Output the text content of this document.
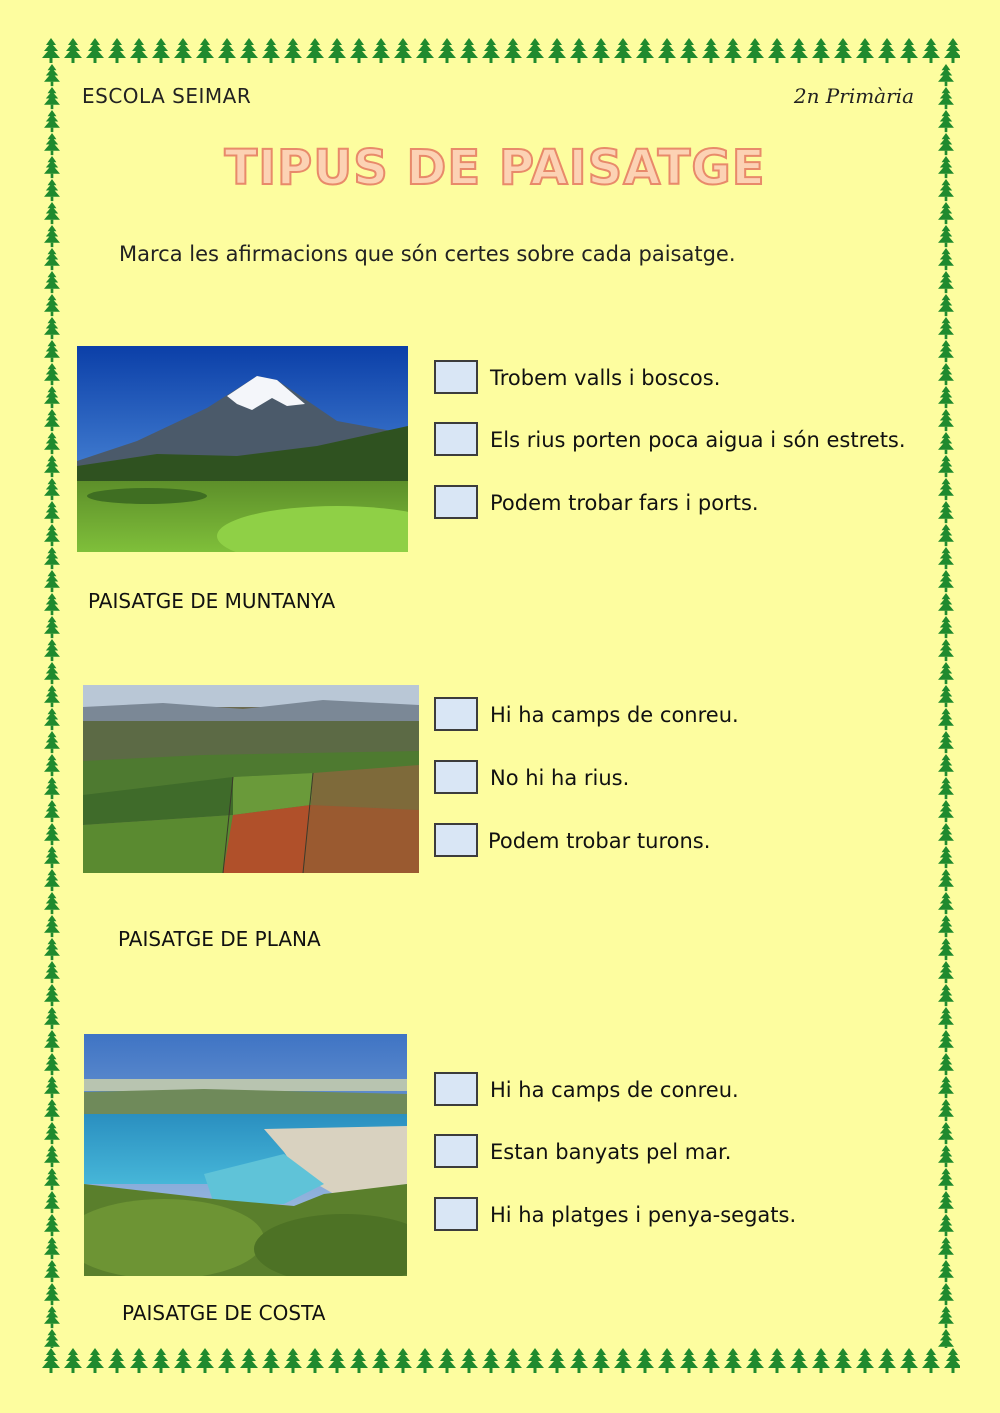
ESCOLA SEIMAR	2n Primària
TIPUS DE PAISATGE
Marca les afirmacions que són certes sobre cada paisatge.
PAISATGE DE MUNTANYA
Trobem valls i boscos.
Els rius porten poca aigua i són estrets.
Podem trobar fars i ports.
PAISATGE DE PLANA
Hi ha camps de conreu.
No hi ha rius.
Podem trobar turons.
PAISATGE DE COSTA
Hi ha camps de conreu.
Estan banyats pel mar.
Hi ha platges i penya-segats.
